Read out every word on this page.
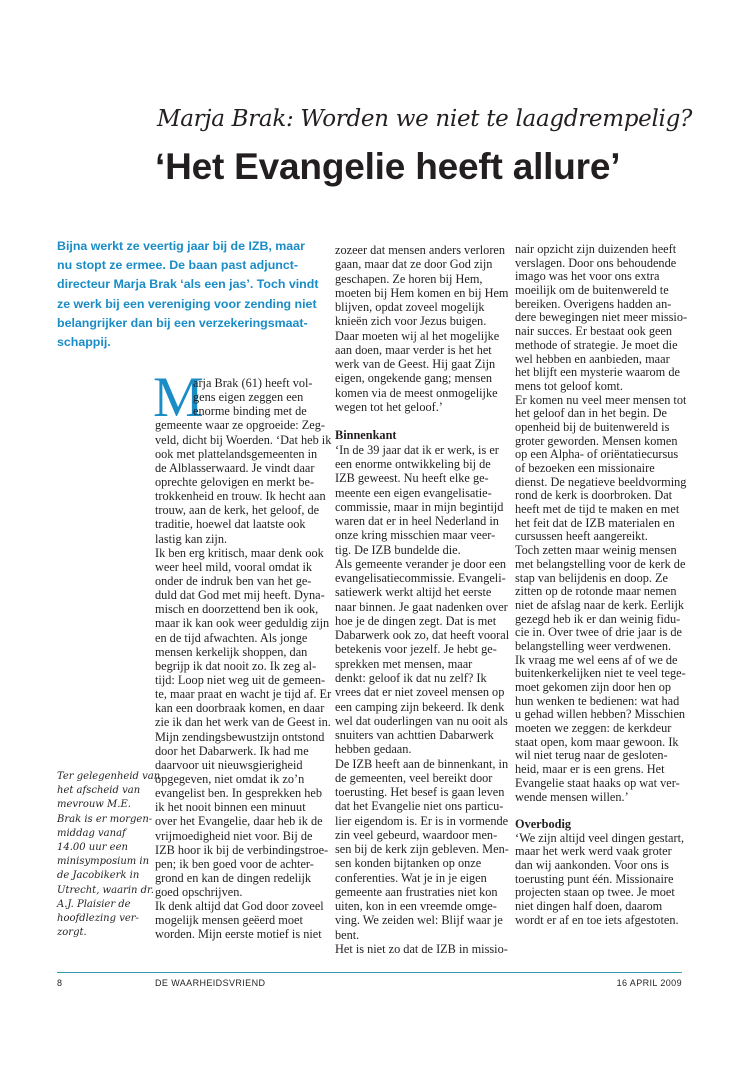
Marja Brak: Worden we niet te laagdrempelig?
‘Het Evangelie heeft allure’
Bijna werkt ze veertig jaar bij de IZB, maar
nu stopt ze ermee. De baan past adjunct-
directeur Marja Brak ‘als een jas’. Toch vindt
ze werk bij een vereniging voor zending niet
belangrijker dan bij een verzekeringsmaat-
schappij.
M
arja Brak (61) heeft vol-
gens eigen zeggen een
enorme binding met de
gemeente waar ze opgroeide: Zeg-
veld, dicht bij Woerden. ‘Dat heb ik
ook met plattelandsgemeenten in
de Alblasserwaard. Je vindt daar
oprechte gelovigen en merkt be-
trokkenheid en trouw. Ik hecht aan
trouw, aan de kerk, het geloof, de
traditie, hoewel dat laatste ook
lastig kan zijn.
Ik ben erg kritisch, maar denk ook
weer heel mild, vooral omdat ik
onder de indruk ben van het ge-
duld dat God met mij heeft. Dyna-
misch en doorzettend ben ik ook,
maar ik kan ook weer geduldig zijn
en de tijd afwachten. Als jonge
mensen kerkelijk shoppen, dan
begrijp ik dat nooit zo. Ik zeg al-
tijd: Loop niet weg uit de gemeen-
te, maar praat en wacht je tijd af. Er
kan een doorbraak komen, en daar
zie ik dan het werk van de Geest in.
Mijn zendingsbewustzijn ontstond
door het Dabarwerk. Ik had me
daarvoor uit nieuwsgierigheid
opgegeven, niet omdat ik zo’n
evangelist ben. In gesprekken heb
ik het nooit binnen een minuut
over het Evangelie, daar heb ik de
vrijmoedigheid niet voor. Bij de
IZB hoor ik bij de verbindingstroe-
pen; ik ben goed voor de achter-
grond en kan de dingen redelijk
goed opschrijven.
Ik denk altijd dat God door zoveel
mogelijk mensen geëerd moet
worden. Mijn eerste motief is niet
zozeer dat mensen anders verloren
gaan, maar dat ze door God zijn
geschapen. Ze horen bij Hem,
moeten bij Hem komen en bij Hem
blijven, opdat zoveel mogelijk
knieën zich voor Jezus buigen.
Daar moeten wij al het mogelijke
aan doen, maar verder is het het
werk van de Geest. Hij gaat Zijn
eigen, ongekende gang; mensen
komen via de meest onmogelijke
wegen tot het geloof.’
Binnenkant
‘In de 39 jaar dat ik er werk, is er
een enorme ontwikkeling bij de
IZB geweest. Nu heeft elke ge-
meente een eigen evangelisatie-
commissie, maar in mijn begintijd
waren dat er in heel Nederland in
onze kring misschien maar veer-
tig. De IZB bundelde die.
Als gemeente verander je door een
evangelisatiecommissie. Evangeli-
satiewerk werkt altijd het eerste
naar binnen. Je gaat nadenken over
hoe je de dingen zegt. Dat is met
Dabarwerk ook zo, dat heeft vooral
betekenis voor jezelf. Je hebt ge-
sprekken met mensen, maar
denkt: geloof ik dat nu zelf? Ik
vrees dat er niet zoveel mensen op
een camping zijn bekeerd. Ik denk
wel dat ouderlingen van nu ooit als
snuiters van achttien Dabarwerk
hebben gedaan.
De IZB heeft aan de binnenkant, in
de gemeenten, veel bereikt door
toerusting. Het besef is gaan leven
dat het Evangelie niet ons particu-
lier eigendom is. Er is in vormende
zin veel gebeurd, waardoor men-
sen bij de kerk zijn gebleven. Men-
sen konden bijtanken op onze
conferenties. Wat je in je eigen
gemeente aan frustraties niet kon
uiten, kon in een vreemde omge-
ving. We zeiden wel: Blijf waar je
bent.
Het is niet zo dat de IZB in missio-
nair opzicht zijn duizenden heeft
verslagen. Door ons behoudende
imago was het voor ons extra
moeilijk om de buitenwereld te
bereiken. Overigens hadden an-
dere bewegingen niet meer missio-
nair succes. Er bestaat ook geen
methode of strategie. Je moet die
wel hebben en aanbieden, maar
het blijft een mysterie waarom de
mens tot geloof komt.
Er komen nu veel meer mensen tot
het geloof dan in het begin. De
openheid bij de buitenwereld is
groter geworden. Mensen komen
op een Alpha- of oriëntatiecursus
of bezoeken een missionaire
dienst. De negatieve beeldvorming
rond de kerk is doorbroken. Dat
heeft met de tijd te maken en met
het feit dat de IZB materialen en
cursussen heeft aangereikt.
Toch zetten maar weinig mensen
met belangstelling voor de kerk de
stap van belijdenis en doop. Ze
zitten op de rotonde maar nemen
niet de afslag naar de kerk. Eerlijk
gezegd heb ik er dan weinig fidu-
cie in. Over twee of drie jaar is de
belangstelling weer verdwenen.
Ik vraag me wel eens af of we de
buitenkerkelijken niet te veel tege-
moet gekomen zijn door hen op
hun wenken te bedienen: wat had
u gehad willen hebben? Misschien
moeten we zeggen: de kerkdeur
staat open, kom maar gewoon. Ik
wil niet terug naar de gesloten-
heid, maar er is een grens. Het
Evangelie staat haaks op wat ver-
wende mensen willen.’
Overbodig
‘We zijn altijd veel dingen gestart,
maar het werk werd vaak groter
dan wij aankonden. Voor ons is
toerusting punt één. Missionaire
projecten staan op twee. Je moet
niet dingen half doen, daarom
wordt er af en toe iets afgestoten.
Ter gelegenheid van
het afscheid van
mevrouw M.E.
Brak is er morgen-
middag vanaf
14.00 uur een
minisymposium in
de Jacobikerk in
Utrecht, waarin dr.
A.J. Plaisier de
hoofdlezing ver-
zorgt.
8	DE WAARHEIDSVRIEND	16 APRIL 2009
